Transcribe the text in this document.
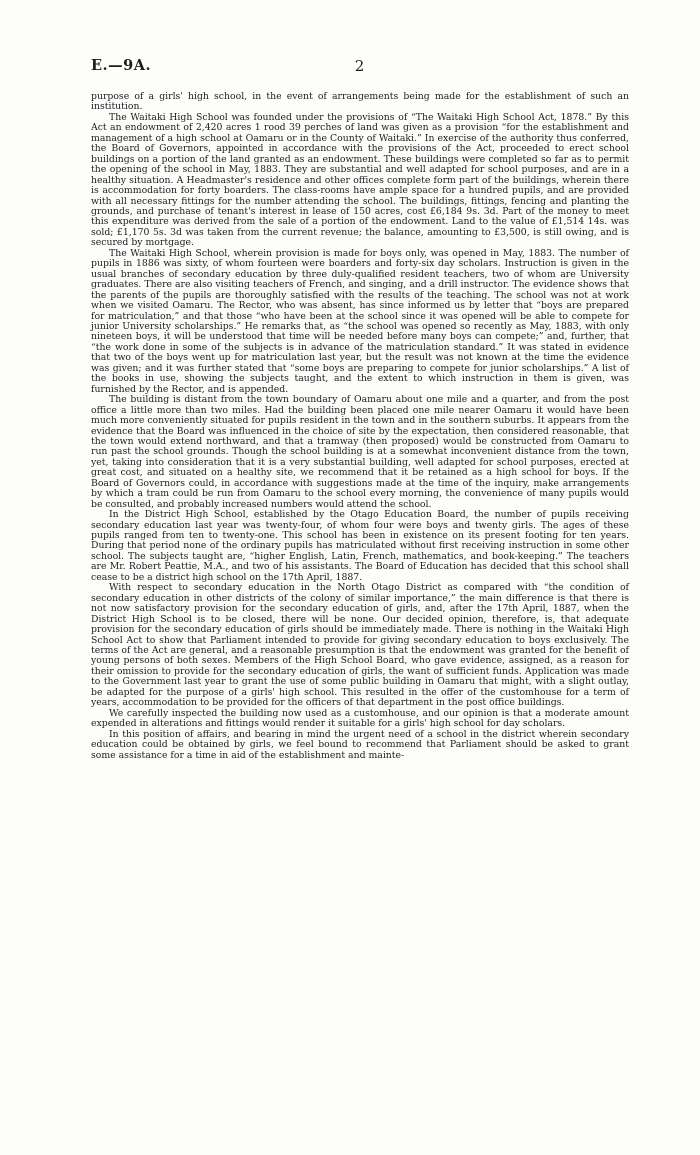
2
E.—9A.

purpose of a girls' high school, in the event of arrangements being made for the establishment of such an institution.

The Waitaki High School was founded under the provisions of “The Waitaki High School Act, 1878.” By this Act an endowment of 2,420 acres 1 rood 39 perches of land was given as a provision “for the establishment and management of a high school at Oamaru or in the County of Waitaki.” In exercise of the authority thus conferred, the Board of Governors, appointed in accordance with the provisions of the Act, proceeded to erect school buildings on a portion of the land granted as an endowment. These buildings were completed so far as to permit the opening of the school in May, 1883. They are substantial and well adapted for school purposes, and are in a healthy situation. A Headmaster's residence and other offices complete form part of the buildings, wherein there is accommodation for forty boarders. The class-rooms have ample space for a hundred pupils, and are provided with all necessary fittings for the number attending the school. The buildings, fittings, fencing and planting the grounds, and purchase of tenant's interest in lease of 150 acres, cost £6,184 9s. 3d. Part of the money to meet this expenditure was derived from the sale of a portion of the endowment. Land to the value of £1,514 14s. was sold; £1,170 5s. 3d was taken from the current revenue; the balance, amounting to £3,500, is still owing, and is secured by mortgage.

The Waitaki High School, wherein provision is made for boys only, was opened in May, 1883. The number of pupils in 1886 was sixty, of whom fourteen were boarders and forty-six day scholars. Instruction is given in the usual branches of secondary education by three duly-qualified resident teachers, two of whom are University graduates. There are also visiting teachers of French, and singing, and a drill instructor. The evidence shows that the parents of the pupils are thoroughly satisfied with the results of the teaching. The school was not at work when we visited Oamaru. The Rector, who was absent, has since informed us by letter that “boys are prepared for matriculation,” and that those “who have been at the school since it was opened will be able to compete for junior University scholarships.” He remarks that, as “the school was opened so recently as May, 1883, with only nineteen boys, it will be understood that time will be needed before many boys can compete;” and, further, that “the work done in some of the subjects is in advance of the matriculation standard.” It was stated in evidence that two of the boys went up for matriculation last year, but the result was not known at the time the evidence was given; and it was further stated that “some boys are preparing to compete for junior scholarships.” A list of the books in use, showing the subjects taught, and the extent to which instruction in them is given, was furnished by the Rector, and is appended.

The building is distant from the town boundary of Oamaru about one mile and a quarter, and from the post office a little more than two miles. Had the building been placed one mile nearer Oamaru it would have been much more conveniently situated for pupils resident in the town and in the southern suburbs. It appears from the evidence that the Board was influenced in the choice of site by the expectation, then considered reasonable, that the town would extend northward, and that a tramway (then proposed) would be constructed from Oamaru to run past the school grounds. Though the school building is at a somewhat inconvenient distance from the town, yet, taking into consideration that it is a very substantial building, well adapted for school purposes, erected at great cost, and situated on a healthy site, we recommend that it be retained as a high school for boys. If the Board of Governors could, in accordance with suggestions made at the time of the inquiry, make arrangements by which a tram could be run from Oamaru to the school every morning, the convenience of many pupils would be consulted, and probably increased numbers would attend the school.

In the District High School, established by the Otago Education Board, the number of pupils receiving secondary education last year was twenty-four, of whom four were boys and twenty girls. The ages of these pupils ranged from ten to twenty-one. This school has been in existence on its present footing for ten years. During that period none of the ordinary pupils has matriculated without first receiving instruction in some other school. The subjects taught are, “higher English, Latin, French, mathematics, and book-keeping.” The teachers are Mr. Robert Peattie, M.A., and two of his assistants. The Board of Education has decided that this school shall cease to be a district high school on the 17th April, 1887.

With respect to secondary education in the North Otago District as compared with “the condition of secondary education in other districts of the colony of similar importance,” the main difference is that there is not now satisfactory provision for the secondary education of girls, and, after the 17th April, 1887, when the District High School is to be closed, there will be none. Our decided opinion, therefore, is, that adequate provision for the secondary education of girls should be immediately made. There is nothing in the Waitaki High School Act to show that Parliament intended to provide for giving secondary education to boys exclusively. The terms of the Act are general, and a reasonable presumption is that the endowment was granted for the benefit of young persons of both sexes. Members of the High School Board, who gave evidence, assigned, as a reason for their omission to provide for the secondary education of girls, the want of sufficient funds. Application was made to the Government last year to grant the use of some public building in Oamaru that might, with a slight outlay, be adapted for the purpose of a girls' high school. This resulted in the offer of the customhouse for a term of years, accommodation to be provided for the officers of that department in the post office buildings.

We carefully inspected the building now used as a customhouse, and our opinion is that a moderate amount expended in alterations and fittings would render it suitable for a girls' high school for day scholars.

In this position of affairs, and bearing in mind the urgent need of a school in the district wherein secondary education could be obtained by girls, we feel bound to recommend that Parliament should be asked to grant some assistance for a time in aid of the establishment and mainte-
